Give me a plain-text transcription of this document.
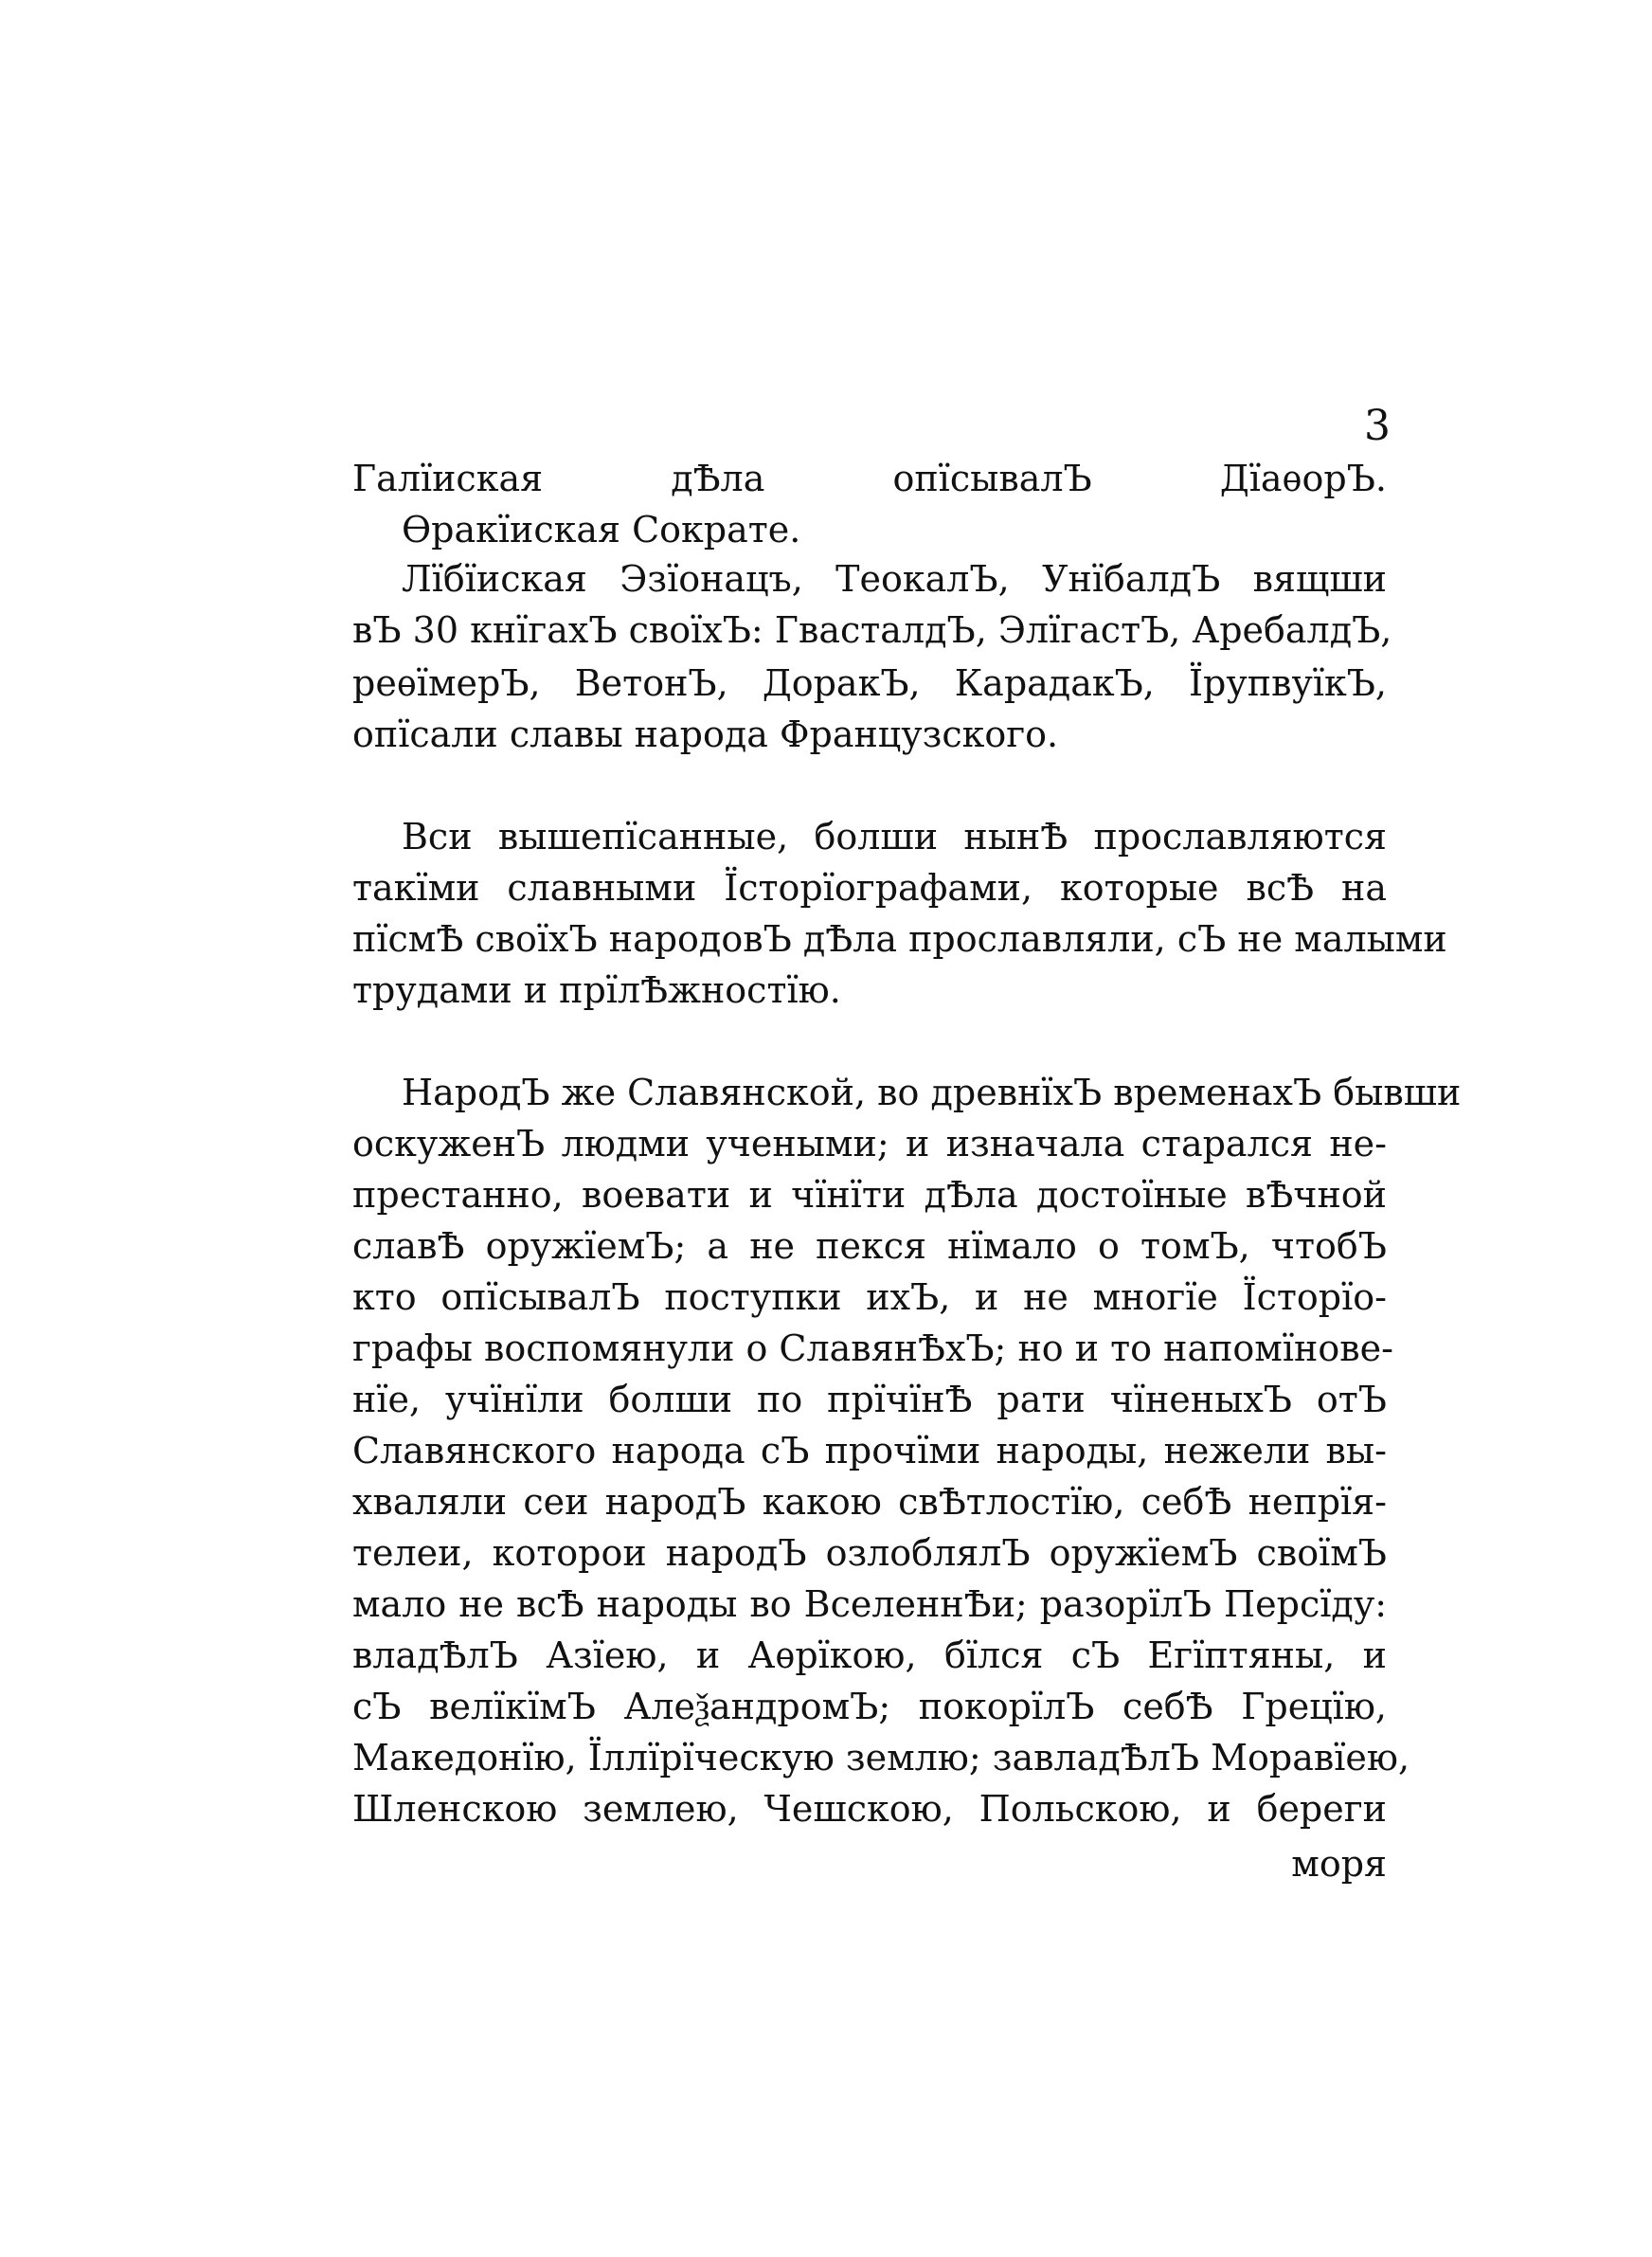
3
Галїиская дѢла опїсывалЪ ДїаѳорЪ.
Ѳракїиская Сократе.
Лїбїиская Эзїонацъ, ТеокалЪ, УнїбалдЪ вящши
вЪ 30 кнїгахЪ своїхЪ: ГвасталдЪ, ЭлїгастЪ, АребалдЪ,
реѳїмерЪ, ВетонЪ, ДоракЪ, КарадакЪ, ЇрупвуїкЪ,
опїсали славы народа Французского.
Вси вышепїсанные, болши нынѢ прославляются
такїми славными Їсторїографами, которые всѢ на
пїсмѢ своїхЪ народовЪ дѢла прославляли, сЪ не малыми
трудами и прїлѢжностїю.
НародЪ же Славянской, во древнїхЪ временахЪ бывши
оскуженЪ людми учеными; и изначала старался не-
престанно, воевати и чїнїти дѢла достоїные вѢчной
славѢ оружїемЪ; а не пекся нїмало о томЪ, чтобЪ
кто опїсывалЪ поступки ихЪ, и не многїе Їсторїо-
графы воспомянули о СлавянѢхЪ; но и то напомїнове-
нїе, учїнїли болши по прїчїнѢ рати чїненыхЪ отЪ
Славянского народа сЪ прочїми народы, нежели вы-
хваляли сеи народЪ какою свѢтлостїю, себѢ непрїя-
телеи, которои народЪ озлоблялЪ оружїемЪ своїмЪ
мало не всѢ народы во ВселеннѢи; разорїлЪ Персїду:
владѢлЪ Азїею, и Аѳрїкою, бїлся сЪ Егїптяны, и
сЪ велїкїмЪ АлеѯандромЪ; покорїлЪ себѢ Грецїю,
Македонїю, Їллїрїческую землю; завладѢлЪ Моравїею,
Шленскою землею, Чешскою, Польскою, и береги
моря
